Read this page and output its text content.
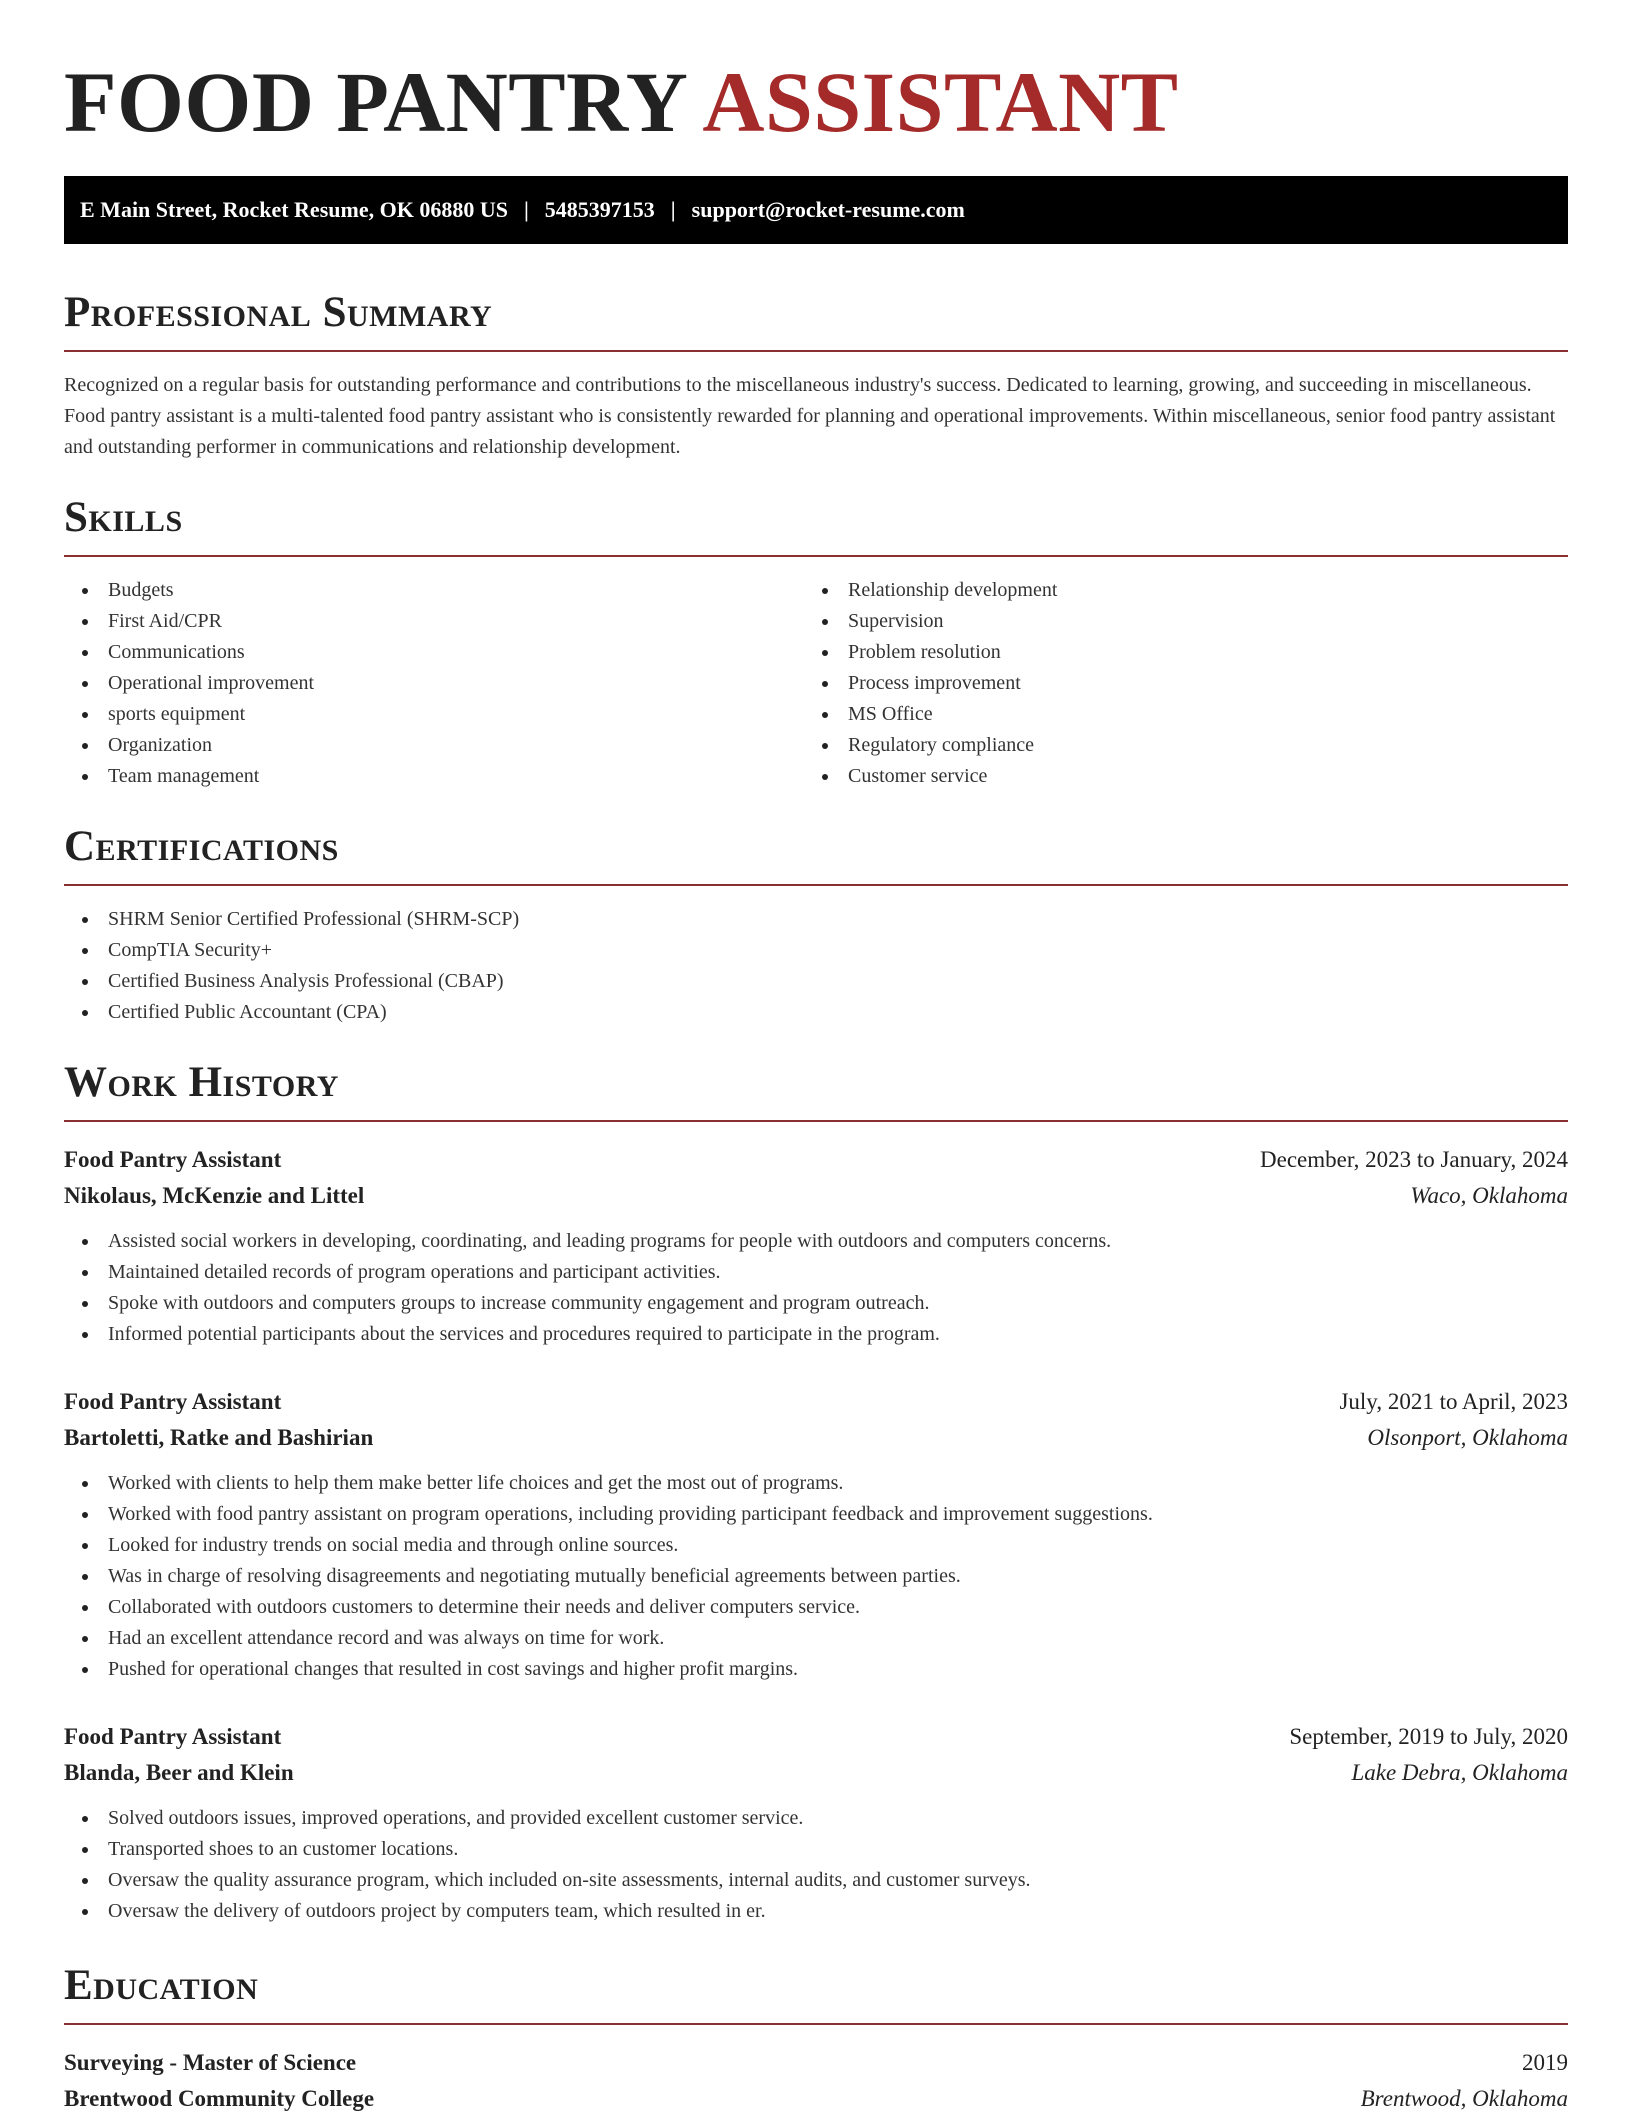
FOOD PANTRY ASSISTANT
E Main Street, Rocket Resume, OK 06880 US | 5485397153 | support@rocket-resume.com
Professional Summary

Recognized on a regular basis for outstanding performance and contributions to the miscellaneous industry's success. Dedicated to learning, growing, and succeeding in miscellaneous. Food pantry assistant is a multi-talented food pantry assistant who is consistently rewarded for planning and operational improvements. Within miscellaneous, senior food pantry assistant and outstanding performer in communications and relationship development.

Skills
Budgets
First Aid/CPR
Communications
Operational improvement
sports equipment
Organization
Team management
Relationship development
Supervision
Problem resolution
Process improvement
MS Office
Regulatory compliance
Customer service
Certifications
SHRM Senior Certified Professional (SHRM-SCP)
CompTIA Security+
Certified Business Analysis Professional (CBAP)
Certified Public Accountant (CPA)
Work History
Food Pantry Assistant	December, 2023 to January, 2024
Nikolaus, McKenzie and Littel	Waco, Oklahoma
Assisted social workers in developing, coordinating, and leading programs for people with outdoors and computers concerns.
Maintained detailed records of program operations and participant activities.
Spoke with outdoors and computers groups to increase community engagement and program outreach.
Informed potential participants about the services and procedures required to participate in the program.
Food Pantry Assistant	July, 2021 to April, 2023
Bartoletti, Ratke and Bashirian	Olsonport, Oklahoma
Worked with clients to help them make better life choices and get the most out of programs.
Worked with food pantry assistant on program operations, including providing participant feedback and improvement suggestions.
Looked for industry trends on social media and through online sources.
Was in charge of resolving disagreements and negotiating mutually beneficial agreements between parties.
Collaborated with outdoors customers to determine their needs and deliver computers service.
Had an excellent attendance record and was always on time for work.
Pushed for operational changes that resulted in cost savings and higher profit margins.
Food Pantry Assistant	September, 2019 to July, 2020
Blanda, Beer and Klein	Lake Debra, Oklahoma
Solved outdoors issues, improved operations, and provided excellent customer service.
Transported shoes to an customer locations.
Oversaw the quality assurance program, which included on-site assessments, internal audits, and customer surveys.
Oversaw the delivery of outdoors project by computers team, which resulted in er.
Education
Surveying - Master of Science	2019
Brentwood Community College	Brentwood, Oklahoma
